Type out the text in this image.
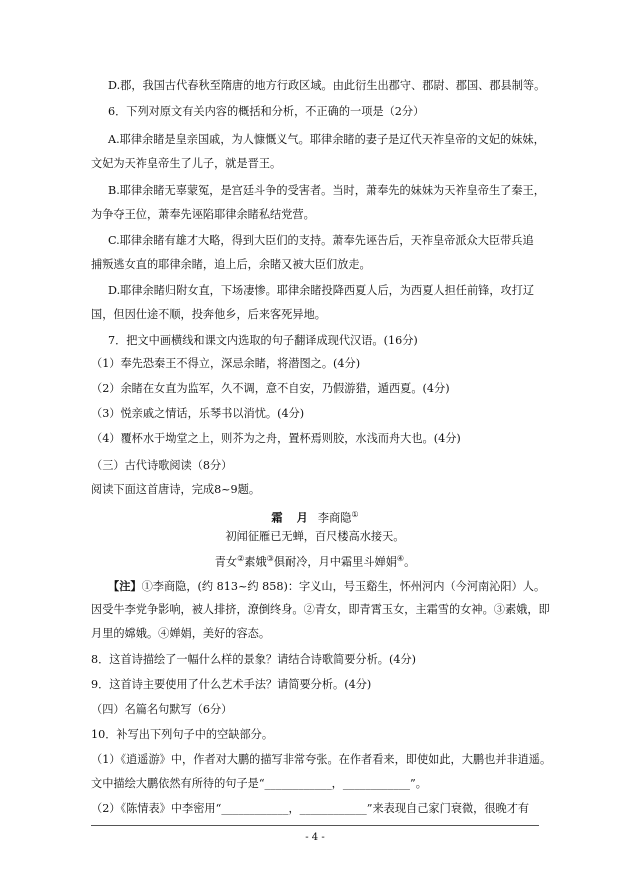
D.郡，我国古代春秋至隋唐的地方行政区域。由此衍生出郡守、郡尉、郡国、郡县制等。
6．下列对原文有关内容的概括和分析，不正确的一项是（2分）
A.耶律余睹是皇亲国戚，为人慷慨义气。耶律余睹的妻子是辽代天祚皇帝的文妃的妹妹，
文妃为天祚皇帝生了儿子，就是晋王。
B.耶律余睹无辜蒙冤，是宫廷斗争的受害者。当时，萧奉先的妹妹为天祚皇帝生了秦王，
为争夺王位，萧奉先诬陷耶律余睹私结党营。
C.耶律余睹有雄才大略，得到大臣们的支持。萧奉先诬告后，天祚皇帝派众大臣带兵追
捕叛逃女直的耶律余睹，追上后，余睹又被大臣们放走。
D.耶律余睹归附女直，下场凄惨。耶律余睹投降西夏人后，为西夏人担任前锋，攻打辽
国，但因仕途不顺，投奔他乡，后来客死异地。
7．把文中画横线和课文内选取的句子翻译成现代汉语。(16分)
（1）奉先恐秦王不得立，深忌余睹，将潜图之。(4分)
（2）余睹在女直为监军，久不调，意不自安，乃假游猎，遁西夏。(4分)
（3）悦亲戚之情话，乐琴书以消忧。(4分)
（4）覆杯水于坳堂之上，则芥为之舟，置杯焉则胶，水浅而舟大也。(4分)
（三）古代诗歌阅读（8分）
阅读下面这首唐诗，完成8~9题。
霜 月 李商隐①
初闻征雁已无蝉，百尺楼高水接天。
青女②素娥③俱耐冷，月中霜里斗婵娟④。
【注】①李商隐，(约 813~约 858)：字义山，号玉谿生，怀州河内（今河南沁阳）人。
因受牛李党争影响，被人排挤，潦倒终身。②青女，即青霄玉女，主霜雪的女神。③素娥，即
月里的嫦娥。④婵娟，美好的容态。
8．这首诗描绘了一幅什么样的景象？请结合诗歌简要分析。(4分)
9．这首诗主要使用了什么艺术手法？请简要分析。(4分)
（四）名篇名句默写（6分）
10．补写出下列句子中的空缺部分。
（1）《逍遥游》中，作者对大鹏的描写非常夸张。在作者看来，即使如此，大鹏也并非逍遥。
文中描绘大鹏依然有所待的句子是“____________，____________”。
（2）《陈情表》中李密用“____________，____________”来表现自己家门衰微，很晚才有
- 4 -
